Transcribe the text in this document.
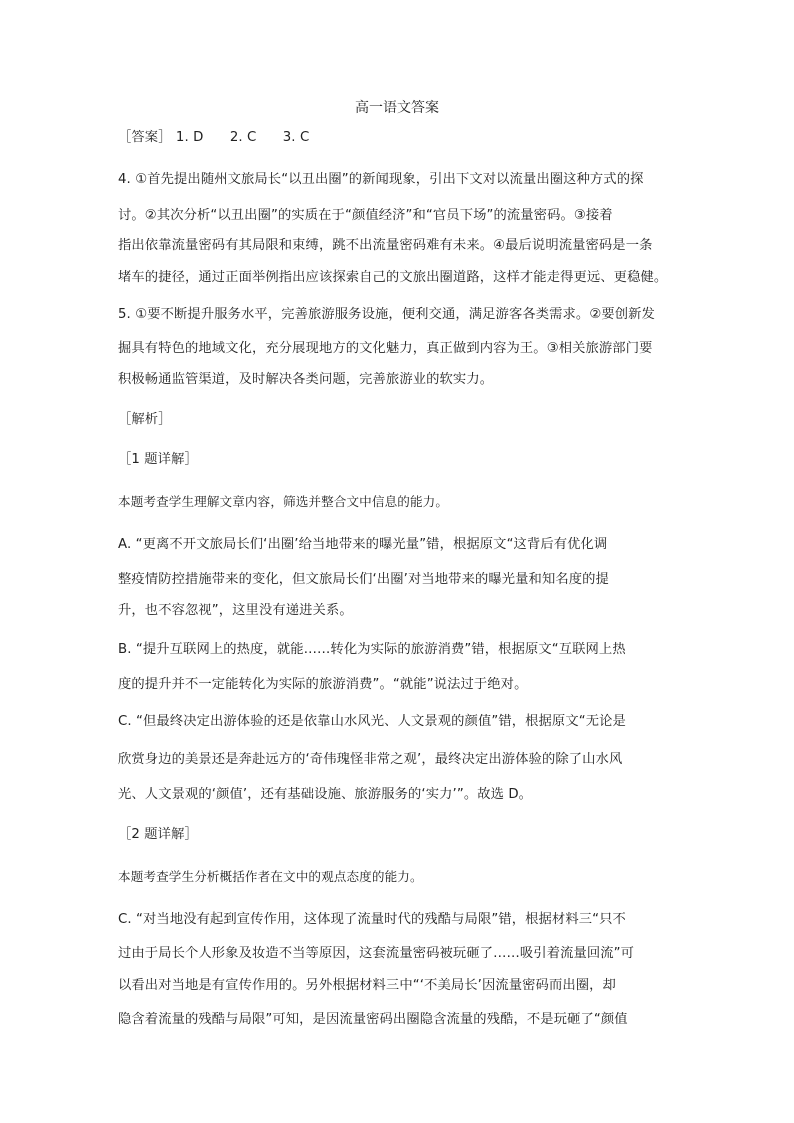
高一语文答案

［答案］ 1. D 2. C 3. C

4. ①首先提出随州文旅局长“以丑出圈”的新闻现象，引出下文对以流量出圈这种方式的探

讨。②其次分析“以丑出圈”的实质在于“颜值经济”和“官员下场”的流量密码。③接着

指出依靠流量密码有其局限和束缚，跳不出流量密码难有未来。④最后说明流量密码是一条

堵车的捷径，通过正面举例指出应该探索自己的文旅出圈道路，这样才能走得更远、更稳健。

5. ①要不断提升服务水平，完善旅游服务设施，便利交通，满足游客各类需求。②要创新发

掘具有特色的地域文化，充分展现地方的文化魅力，真正做到内容为王。③相关旅游部门要

积极畅通监管渠道，及时解决各类问题，完善旅游业的软实力。

［解析］

［1 题详解］

本题考查学生理解文章内容，筛选并整合文中信息的能力。

A. “更离不开文旅局长们‘出圈’给当地带来的曝光量”错，根据原文“这背后有优化调

整疫情防控措施带来的变化，但文旅局长们‘出圈’对当地带来的曝光量和知名度的提

升，也不容忽视”，这里没有递进关系。

B. “提升互联网上的热度，就能……转化为实际的旅游消费”错，根据原文“互联网上热

度的提升并不一定能转化为实际的旅游消费”。“就能”说法过于绝对。

C. “但最终决定出游体验的还是依靠山水风光、人文景观的颜值”错，根据原文“无论是

欣赏身边的美景还是奔赴远方的‘奇伟瑰怪非常之观’，最终决定出游体验的除了山水风

光、人文景观的‘颜值’，还有基础设施、旅游服务的‘实力’”。故选 D。

［2 题详解］

本题考查学生分析概括作者在文中的观点态度的能力。

C. “对当地没有起到宣传作用，这体现了流量时代的残酷与局限”错，根据材料三“只不

过由于局长个人形象及妆造不当等原因，这套流量密码被玩砸了……吸引着流量回流”可

以看出对当地是有宣传作用的。另外根据材料三中“‘不美局长’因流量密码而出圈，却

隐含着流量的残酷与局限”可知，是因流量密码出圈隐含流量的残酷，不是玩砸了“颜值
